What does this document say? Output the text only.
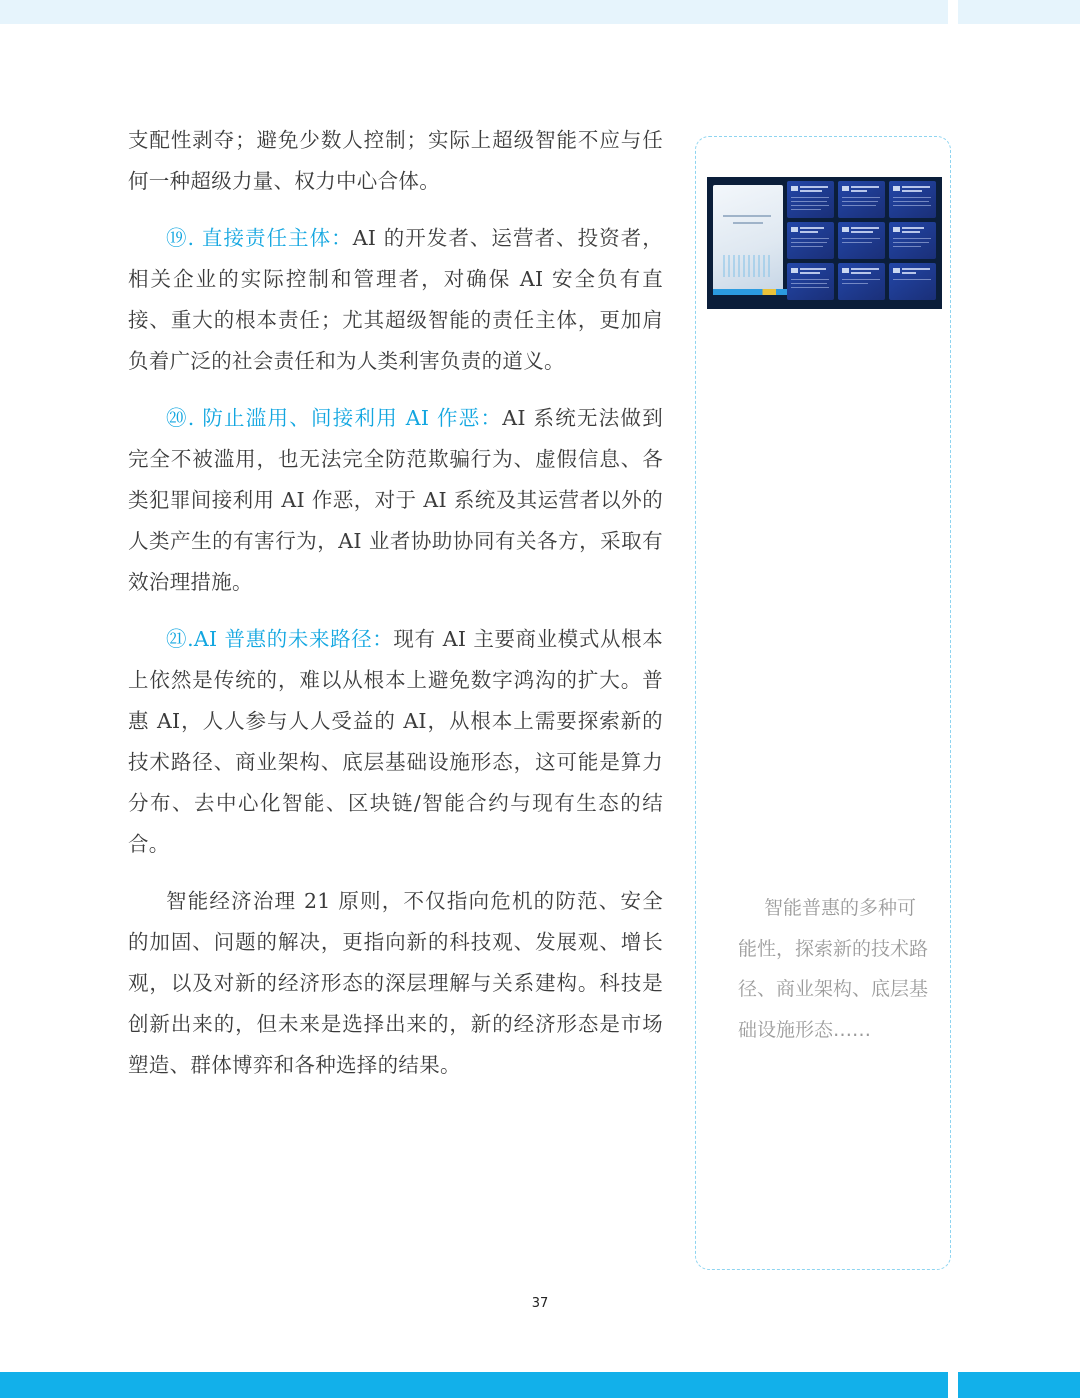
支配性剥夺；避免少数人控制；实际上超级智能不应与任何一种超级力量、权力中心合体。

⑲. 直接责任主体：AI 的开发者、运营者、投资者，相关企业的实际控制和管理者，对确保 AI 安全负有直接、重大的根本责任；尤其超级智能的责任主体，更加肩负着广泛的社会责任和为人类利害负责的道义。

⑳. 防止滥用、间接利用 AI 作恶：AI 系统无法做到完全不被滥用，也无法完全防范欺骗行为、虚假信息、各类犯罪间接利用 AI 作恶，对于 AI 系统及其运营者以外的人类产生的有害行为，AI 业者协助协同有关各方，采取有效治理措施。

㉑.AI 普惠的未来路径：现有 AI 主要商业模式从根本上依然是传统的，难以从根本上避免数字鸿沟的扩大。普惠 AI，人人参与人人受益的 AI，从根本上需要探索新的技术路径、商业架构、底层基础设施形态，这可能是算力分布、去中心化智能、区块链/智能合约与现有生态的结合。

智能经济治理 21 原则，不仅指向危机的防范、安全的加固、问题的解决，更指向新的科技观、发展观、增长观，以及对新的经济形态的深层理解与关系建构。科技是创新出来的，但未来是选择出来的，新的经济形态是市场塑造、群体博弈和各种选择的结果。

智能普惠的多种可能性，探索新的技术路径、商业架构、底层基础设施形态……
37
